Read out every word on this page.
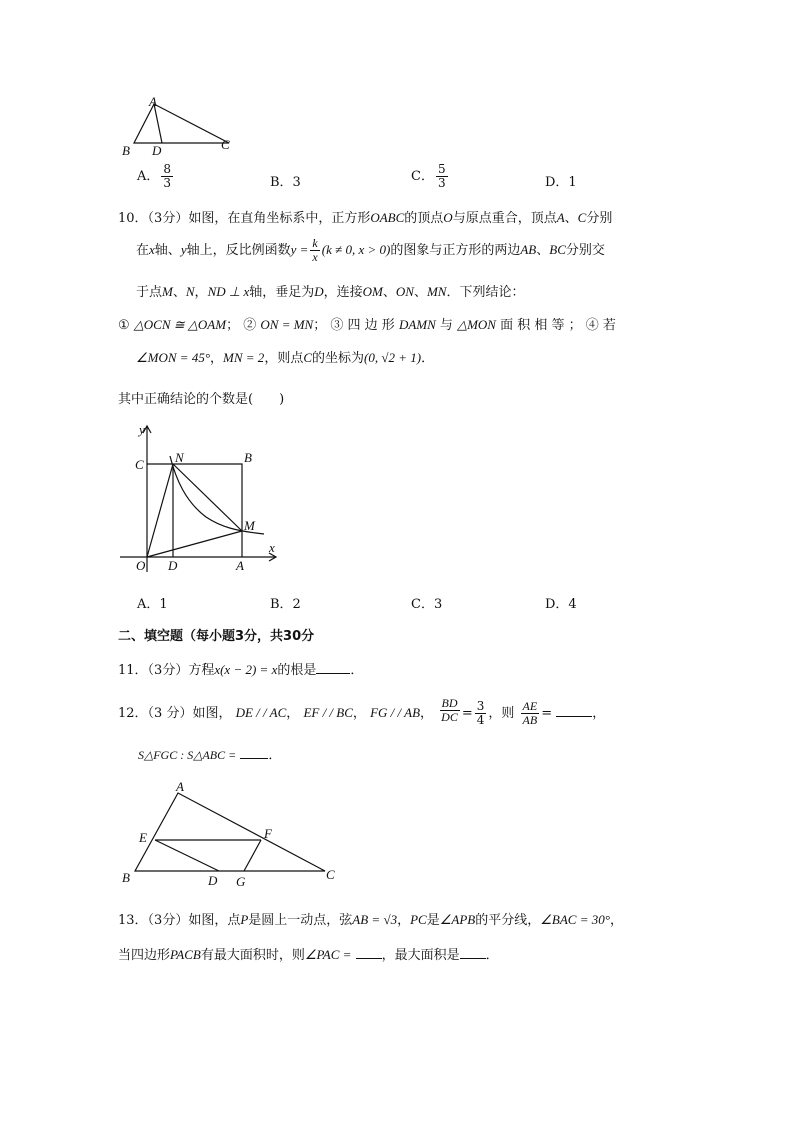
A
B D	C
A． $\frac{8}{3}$	B．3	C． $\frac{5}{3}$	D．1
10．（3分）如图，在直角坐标系中，正方形OABC的顶点O与原点重合，顶点A、C分别
在x轴、y轴上，反比例函数$y = \frac{k}{x} (k \ne 0$, x > 0)的图象与正方形的两边AB、BC分别交
于点M、N，ND ⊥ x轴，垂足为D，连接OM、ON、MN．下列结论：
① △OCN ≅ △OAM； ② ON = MN； ③ 四 边 形 DAMN 与 △MON 面 积 相 等 ； ④ 若
∠MON = 45°，MN = 2，则点C的坐标为(0, √2 + 1)．
其中正确结论的个数是(　　)
y
x
C N	B
M
O D	A
A．1	B．2	C．3	D．4
二、填空题（每小题3分，共30分
11．（3分）方程x(x − 2) = x的根是	．
12．（3 分）如图， DE / / AC， EF / / BC， FG / / AB， $\frac{BD}{DC} = \frac{3}{4}$ ，则 $\frac{AE}{AB}$ =	，
S△FGC : S△ABC = ．
A
E	F
B	D G	C
13．（3分）如图，点P是圆上一动点，弦AB = √3，PC是∠APB的平分线，∠BAC = 30°，
当四边形PACB有最大面积时，则∠PAC = ，最大面积是 ．
